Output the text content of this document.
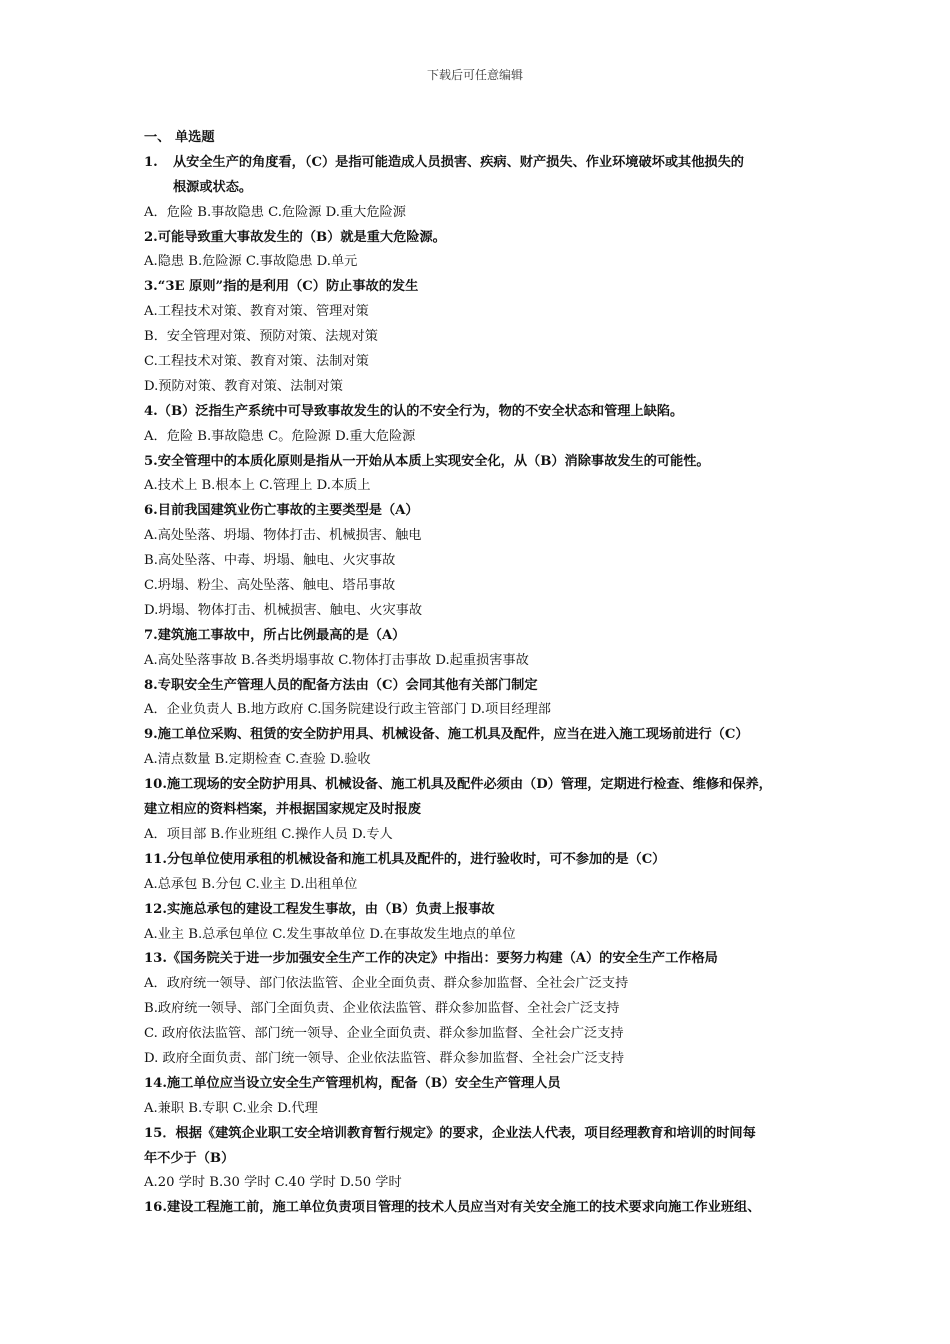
下载后可任意编辑
一、 单选题
1. 从安全生产的角度看，（C）是指可能造成人员损害、疾病、财产损失、作业环境破坏或其他损失的
根源或状态。
A．危险 B.事故隐患 C.危险源 D.重大危险源
2.可能导致重大事故发生的（B）就是重大危险源。
A.隐患 B.危险源 C.事故隐患 D.单元
3.“3E 原则”指的是利用（C）防止事故的发生
A.工程技术对策、教育对策、管理对策
B．安全管理对策、预防对策、法规对策
C.工程技术对策、教育对策、法制对策
D.预防对策、教育对策、法制对策
4.（B）泛指生产系统中可导致事故发生的认的不安全行为，物的不安全状态和管理上缺陷。
A．危险 B.事故隐患 C。危险源 D.重大危险源
5.安全管理中的本质化原则是指从一开始从本质上实现安全化，从（B）消除事故发生的可能性。
A.技术上 B.根本上 C.管理上 D.本质上
6.目前我国建筑业伤亡事故的主要类型是（A）
A.高处坠落、坍塌、物体打击、机械损害、触电
B.高处坠落、中毒、坍塌、触电、火灾事故
C.坍塌、粉尘、高处坠落、触电、塔吊事故
D.坍塌、物体打击、机械损害、触电、火灾事故
7.建筑施工事故中，所占比例最高的是（A）
A.高处坠落事故 B.各类坍塌事故 C.物体打击事故 D.起重损害事故
8.专职安全生产管理人员的配备方法由（C）会同其他有关部门制定
A．企业负责人 B.地方政府 C.国务院建设行政主管部门 D.项目经理部
9.施工单位采购、租赁的安全防护用具、机械设备、施工机具及配件，应当在进入施工现场前进行（C）
A.清点数量 B.定期检查 C.查验 D.验收
10.施工现场的安全防护用具、机械设备、施工机具及配件必须由（D）管理，定期进行检查、维修和保养，
建立相应的资料档案，并根据国家规定及时报废
A．项目部 B.作业班组 C.操作人员 D.专人
11.分包单位使用承租的机械设备和施工机具及配件的，进行验收时，可不参加的是（C）
A.总承包 B.分包 C.业主 D.出租单位
12.实施总承包的建设工程发生事故，由（B）负责上报事故
A.业主 B.总承包单位 C.发生事故单位 D.在事故发生地点的单位
13.《国务院关于进一步加强安全生产工作的决定》中指出：要努力构建（A）的安全生产工作格局
A．政府统一领导、部门依法监管、企业全面负责、群众参加监督、全社会广泛支持
B.政府统一领导、部门全面负责、企业依法监管、群众参加监督、全社会广泛支持
C. 政府依法监管、部门统一领导、企业全面负责、群众参加监督、全社会广泛支持
D. 政府全面负责、部门统一领导、企业依法监管、群众参加监督、全社会广泛支持
14.施工单位应当设立安全生产管理机构，配备（B）安全生产管理人员
A.兼职 B.专职 C.业余 D.代理
15．根据《建筑企业职工安全培训教育暂行规定》的要求，企业法人代表，项目经理教育和培训的时间每
年不少于（B）
A.20 学时 B.30 学时 C.40 学时 D.50 学时
16.建设工程施工前，施工单位负责项目管理的技术人员应当对有关安全施工的技术要求向施工作业班组、
